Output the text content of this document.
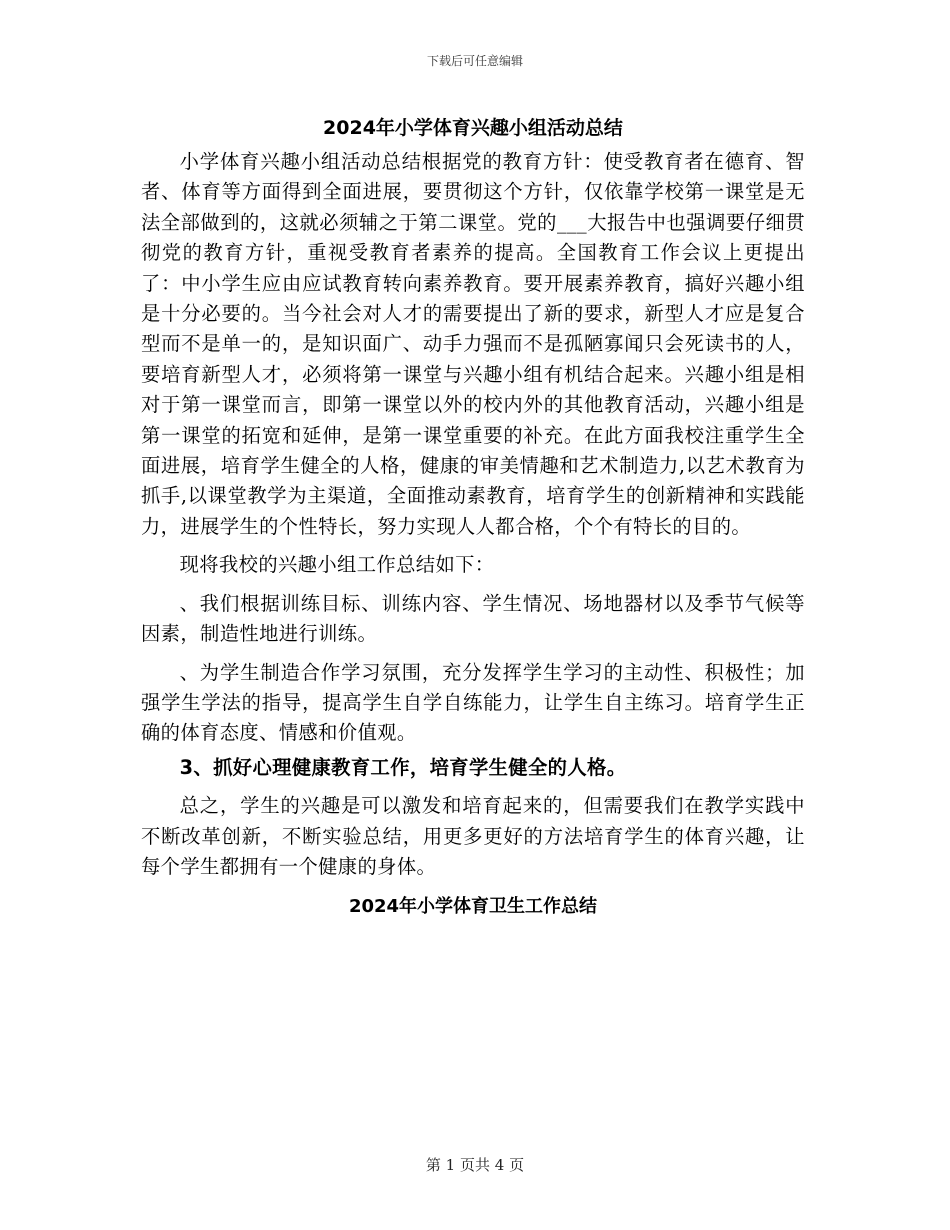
下载后可任意编辑
2024年小学体育兴趣小组活动总结

小学体育兴趣小组活动总结根据党的教育方针：使受教育者在德育、智者、体育等方面得到全面进展，要贯彻这个方针，仅依靠学校第一课堂是无法全部做到的，这就必须辅之于第二课堂。党的___大报告中也强调要仔细贯彻党的教育方针，重视受教育者素养的提高。全国教育工作会议上更提出了：中小学生应由应试教育转向素养教育。要开展素养教育，搞好兴趣小组是十分必要的。当今社会对人才的需要提出了新的要求，新型人才应是复合型而不是单一的，是知识面广、动手力强而不是孤陋寡闻只会死读书的人，要培育新型人才，必须将第一课堂与兴趣小组有机结合起来。兴趣小组是相对于第一课堂而言，即第一课堂以外的校内外的其他教育活动，兴趣小组是第一课堂的拓宽和延伸，是第一课堂重要的补充。在此方面我校注重学生全面进展，培育学生健全的人格，健康的审美情趣和艺术制造力,以艺术教育为抓手,以课堂教学为主渠道，全面推动素教育，培育学生的创新精神和实践能力，进展学生的个性特长，努力实现人人都合格，个个有特长的目的。

现将我校的兴趣小组工作总结如下：

、我们根据训练目标、训练内容、学生情况、场地器材以及季节气候等因素，制造性地进行训练。

、为学生制造合作学习氛围，充分发挥学生学习的主动性、积极性；加强学生学法的指导，提高学生自学自练能力，让学生自主练习。培育学生正确的体育态度、情感和价值观。

3、抓好心理健康教育工作，培育学生健全的人格。

总之，学生的兴趣是可以激发和培育起来的，但需要我们在教学实践中不断改革创新，不断实验总结，用更多更好的方法培育学生的体育兴趣，让每个学生都拥有一个健康的身体。

2024年小学体育卫生工作总结
第 1 页共 4 页
